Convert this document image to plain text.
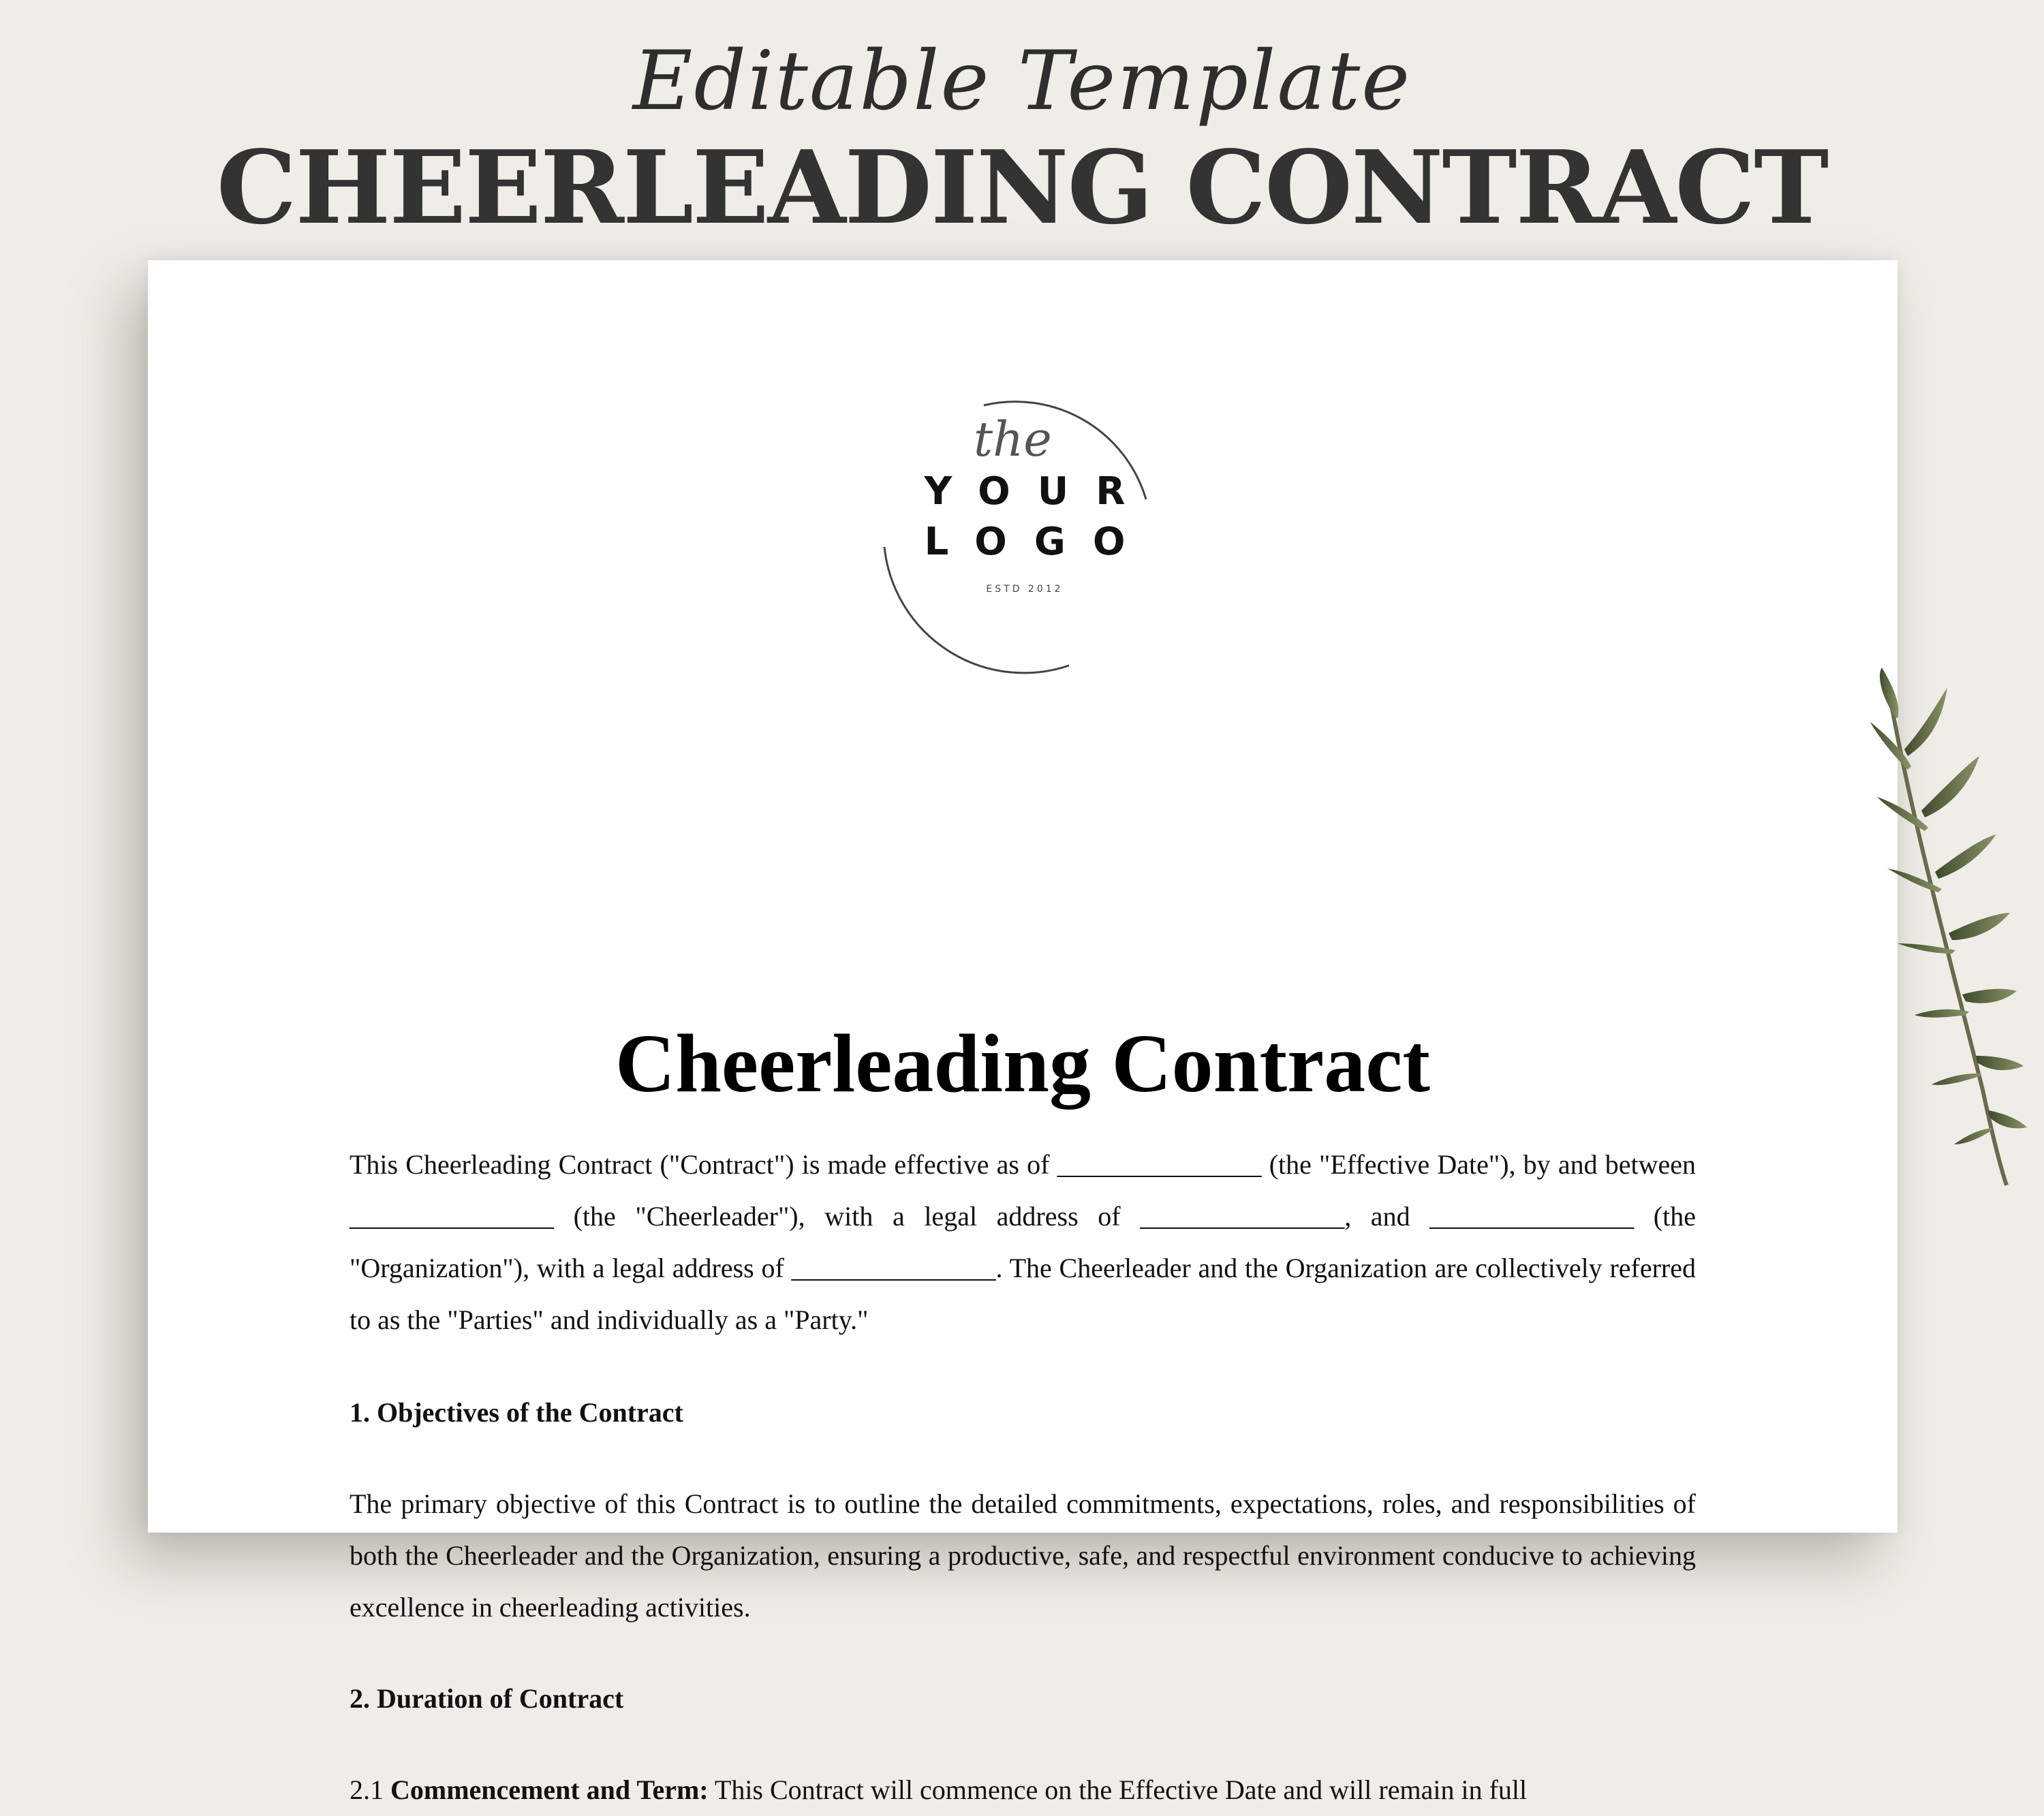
Editable Template
CHEERLEADING CONTRACT
the
YOUR
LOGO
ESTD 2012
Cheerleading Contract

This Cheerleading Contract ("Contract") is made effective as of _______________ (the "Effective Date"), by and between _______________ (the "Cheerleader"), with a legal address of _______________, and _______________ (the "Organization"), with a legal address of _______________. The Cheerleader and the Organization are collectively referred to as the "Parties" and individually as a "Party."

1. Objectives of the Contract

The primary objective of this Contract is to outline the detailed commitments, expectations, roles, and responsibilities of both the Cheerleader and the Organization, ensuring a productive, safe, and respectful environment conducive to achieving excellence in cheerleading activities.

2. Duration of Contract

2.1 Commencement and Term: This Contract will commence on the Effective Date and will remain in full
